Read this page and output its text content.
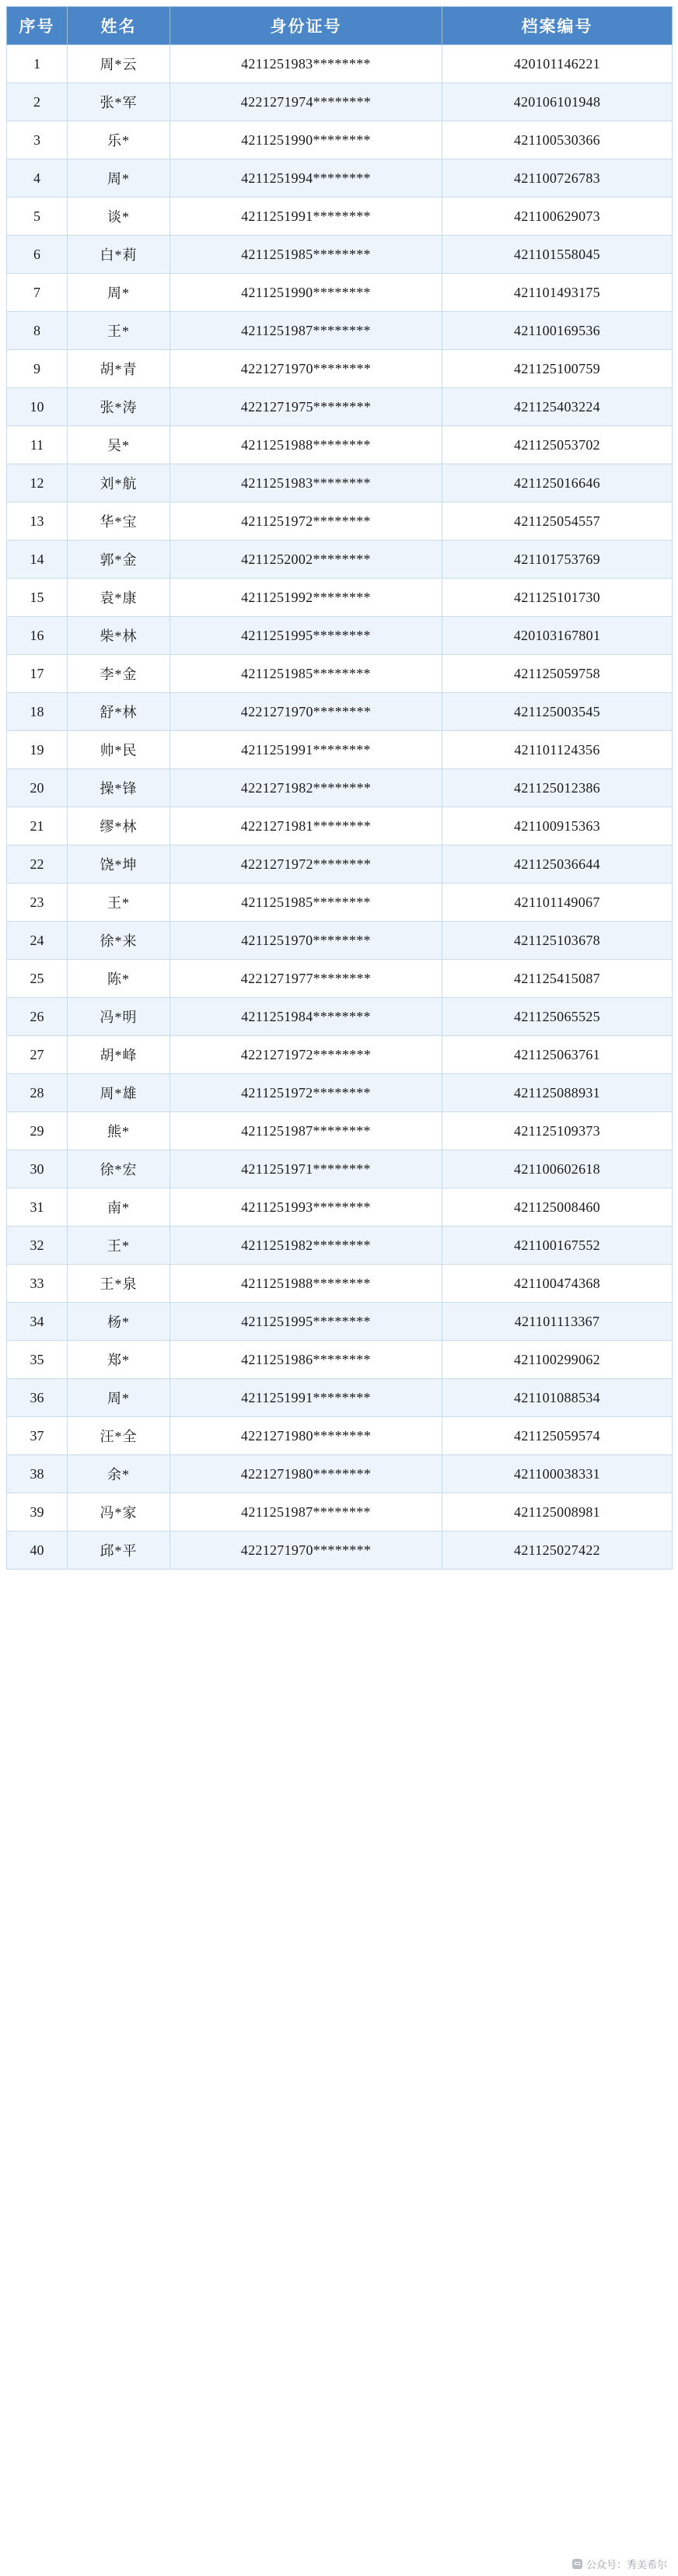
序号	姓名	身份证号	档案编号
1	周*云	4211251983********	420101146221
2	张*军	4221271974********	420106101948
3	乐*	4211251990********	421100530366
4	周*	4211251994********	421100726783
5	谈*	4211251991********	421100629073
6	白*莉	4211251985********	421101558045
7	周*	4211251990********	421101493175
8	王*	4211251987********	421100169536
9	胡*青	4221271970********	421125100759
10	张*涛	4221271975********	421125403224
11	吴*	4211251988********	421125053702
12	刘*航	4211251983********	421125016646
13	华*宝	4211251972********	421125054557
14	郭*金	4211252002********	421101753769
15	袁*康	4211251992********	421125101730
16	柴*林	4211251995********	420103167801
17	李*金	4211251985********	421125059758
18	舒*林	4221271970********	421125003545
19	帅*民	4211251991********	421101124356
20	操*锋	4221271982********	421125012386
21	缪*林	4221271981********	421100915363
22	饶*坤	4221271972********	421125036644
23	王*	4211251985********	421101149067
24	徐*来	4211251970********	421125103678
25	陈*	4221271977********	421125415087
26	冯*明	4211251984********	421125065525
27	胡*峰	4221271972********	421125063761
28	周*雄	4211251972********	421125088931
29	熊*	4211251987********	421125109373
30	徐*宏	4211251971********	421100602618
31	南*	4211251993********	421125008460
32	王*	4211251982********	421100167552
33	王*泉	4211251988********	421100474368
34	杨*	4211251995********	421101113367
35	郑*	4211251986********	421100299062
36	周*	4211251991********	421101088534
37	汪*全	4221271980********	421125059574
38	余*	4221271980********	421100038331
39	冯*家	4211251987********	421125008981
40	邱*平	4221271970********	421125027422
公众号：秀美希尔
